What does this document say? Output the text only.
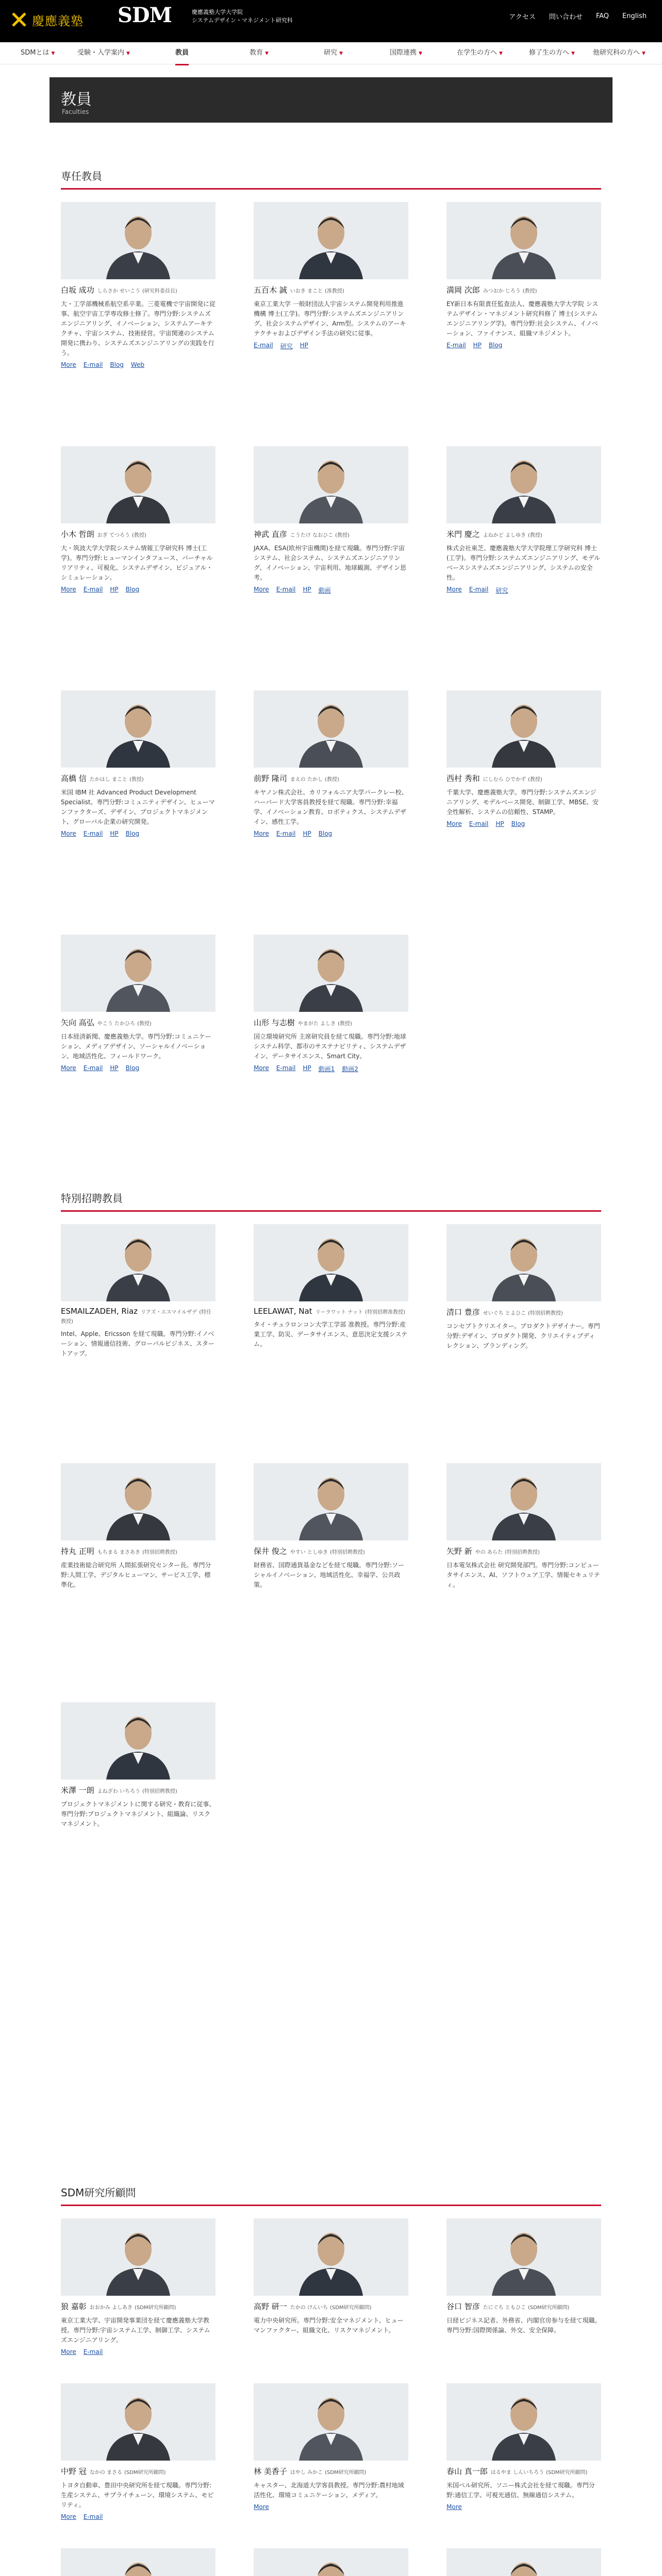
慶應義塾 SDM	慶應義塾大学大学院
システムデザイン・マネジメント研究科	アクセス 問い合わせ FAQ English
SDMとは ▼	受験・入学案内 ▼	教員	教育 ▼	研究 ▼	国際連携 ▼	在学生の方へ ▼	修了生の方へ ▼	他研究科の方へ ▼
教員
Faculties
専任教員
特別招聘教員
SDM研究所顧問
白坂 成功 しらさか せいこう (研究科委員長)
大・工学部機械系航空系卒業。三菱電機で宇宙開発に従事、航空宇宙工学専攻修士修了。専門分野:システムズエンジニアリング、イノベーション、システムアーキテクチャ、宇宙システム、技術経営。宇宙関連のシステム開発に携わり、システムズエンジニアリングの実践を行う。
More E-mail Blog Web
五百木 誠 いおき まこと (准教授)
東京工業大学 一般財団法人宇宙システム開発利用推進機構 博士(工学)。専門分野:システムズエンジニアリング、社会システムデザイン、Arm型。システムのアーキテクチャおよびデザイン手法の研究に従事。
E-mail 研究 HP
満岡 次郎 みつおか じろう (教授)
EY新日本有限責任監査法人、慶應義塾大学大学院 システムデザイン・マネジメント研究科修了 博士(システムエンジニアリング学)。専門分野:社会システム、イノベーション、ファイナンス、組織マネジメント。
E-mail HP Blog
小木 哲朗 おぎ てつろう (教授)
大・筑波大学大学院システム情報工学研究科 博士(工学)。専門分野:ヒューマンインタフェース、バーチャルリアリティ、可視化、システムデザイン、ビジュアル・シミュレーション。
More E-mail HP Blog
神武 直彦 こうたけ なおひこ (教授)
JAXA、ESA(欧州宇宙機関)を経て現職。専門分野:宇宙システム、社会システム、システムズエンジニアリング、イノベーション、宇宙利用、地球観測、デザイン思考。
More E-mail HP 動画
米門 慶之 よねかど よしゆき (教授)
株式会社東芝、慶應義塾大学大学院理工学研究科 博士(工学)。専門分野:システムズエンジニアリング、モデルベースシステムズエンジニアリング、システムの安全性。
More E-mail 研究
高橋 信 たかはし まこと (教授)
米国 IBM 社 Advanced Product Development Specialist。専門分野:コミュニティデザイン、ヒューマンファクターズ、デザイン、プロジェクトマネジメント、グローバル企業の研究開発。
More E-mail HP Blog
前野 隆司 まえの たかし (教授)
キヤノン株式会社、カリフォルニア大学バークレー校、ハーバード大学客員教授を経て現職。専門分野:幸福学、イノベーション教育、ロボティクス、システムデザイン、感性工学。
More E-mail HP Blog
西村 秀和 にしむら ひでかず (教授)
千葉大学、慶應義塾大学。専門分野:システムズエンジニアリング、モデルベース開発、制御工学、MBSE、安全性解析、システムの信頼性、STAMP。
More E-mail HP Blog
矢向 高弘 やこう たかひろ (教授)
日本経済新聞、慶應義塾大学。専門分野:コミュニケーション、メディアデザイン、ソーシャルイノベーション、地域活性化、フィールドワーク。
More E-mail HP Blog
山形 与志樹 やまがた よしき (教授)
国立環境研究所 主席研究員を経て現職。専門分野:地球システム科学、都市のサステナビリティ、システムデザイン、データサイエンス、Smart City。
More E-mail HP 動画1 動画2
ESMAILZADEH, Riaz リアズ・エスマイルザデ (特任教授)
Intel、Apple、Ericsson を経て現職。専門分野:イノベーション、情報通信技術、グローバルビジネス、スタートアップ。
LEELAWAT, Nat リーラワット ナット (特別招聘准教授)
タイ・チュラロンコン大学工学部 准教授。専門分野:産業工学、防災、データサイエンス、意思決定支援システム。
清口 豊彦 せいぐち とよひこ (特別招聘教授)
コンセプトクリエイター。プロダクトデザイナー。専門分野:デザイン、プロダクト開発、クリエイティブディレクション、ブランディング。
持丸 正明 もちまる まさあき (特別招聘教授)
産業技術総合研究所 人間拡張研究センター長。専門分野:人間工学、デジタルヒューマン、サービス工学、標準化。
保井 俊之 やすい としゆき (特別招聘教授)
財務省、国際通貨基金などを経て現職。専門分野:ソーシャルイノベーション、地域活性化、幸福学、公共政策。
矢野 新 やの あらた (特別招聘教授)
日本電気株式会社 研究開発部門。専門分野:コンピュータサイエンス、AI、ソフトウェア工学、情報セキュリティ。
米澤 一朗 よねざわ いちろう (特別招聘教授)
プロジェクトマネジメントに関する研究・教育に従事。専門分野:プロジェクトマネジメント、組織論、リスクマネジメント。
狼 嘉彰 おおかみ よしあき (SDM研究所顧問)
東京工業大学、宇宙開発事業団を経て慶應義塾大学教授。専門分野:宇宙システム工学、制御工学、システムズエンジニアリング。
More E-mail
高野 研一 たかの けんいち (SDM研究所顧問)
電力中央研究所。専門分野:安全マネジメント、ヒューマンファクター、組織文化、リスクマネジメント。
谷口 智彦 たにぐち ともひこ (SDM研究所顧問)
日経ビジネス記者、外務省、内閣官房参与を経て現職。専門分野:国際関係論、外交、安全保障。
中野 冠 なかの まさる (SDM研究所顧問)
トヨタ自動車、豊田中央研究所を経て現職。専門分野:生産システム、サプライチェーン、環境システム、モビリティ。
More E-mail
林 美香子 はやし みかこ (SDM研究所顧問)
キャスター、北海道大学客員教授。専門分野:農村地域活性化、環境コミュニケーション、メディア。
More
春山 真一郎 はるやま しんいちろう (SDM研究所顧問)
米国ベル研究所、ソニー株式会社を経て現職。専門分野:通信工学、可視光通信、無線通信システム。
More
